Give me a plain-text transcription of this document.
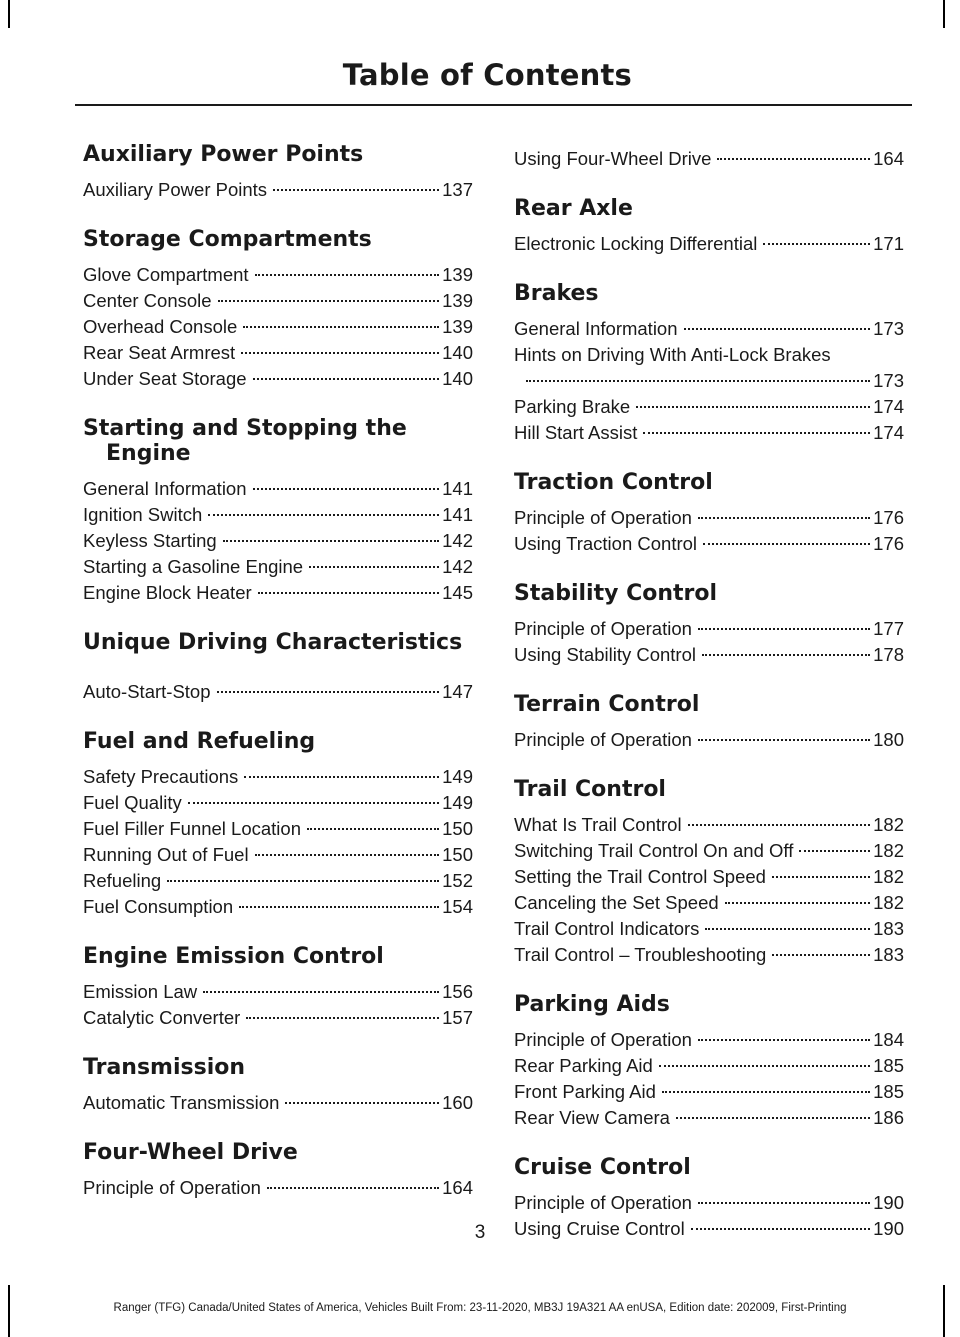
Table of Contents
Auxiliary Power Points
Auxiliary Power Points	137
Storage Compartments
Glove Compartment	139
Center Console	139
Overhead Console	139
Rear Seat Armrest	140
Under Seat Storage	140
Starting and Stopping the Engine
General Information	141
Ignition Switch	141
Keyless Starting	142
Starting a Gasoline Engine	142
Engine Block Heater	145
Unique Driving Characteristics
Auto-Start-Stop	147
Fuel and Refueling
Safety Precautions	149
Fuel Quality	149
Fuel Filler Funnel Location	150
Running Out of Fuel	150
Refueling	152
Fuel Consumption	154
Engine Emission Control
Emission Law	156
Catalytic Converter	157
Transmission
Automatic Transmission	160
Four-Wheel Drive
Principle of Operation	164
Using Four-Wheel Drive	164
Rear Axle
Electronic Locking Differential	171
Brakes
General Information	173
Hints on Driving With Anti-Lock Brakes
173
Parking Brake	174
Hill Start Assist	174
Traction Control
Principle of Operation	176
Using Traction Control	176
Stability Control
Principle of Operation	177
Using Stability Control	178
Terrain Control
Principle of Operation	180
Trail Control
What Is Trail Control	182
Switching Trail Control On and Off	182
Setting the Trail Control Speed	182
Canceling the Set Speed	182
Trail Control Indicators	183
Trail Control – Troubleshooting	183
Parking Aids
Principle of Operation	184
Rear Parking Aid	185
Front Parking Aid	185
Rear View Camera	186
Cruise Control
Principle of Operation	190
Using Cruise Control	190
3
Ranger (TFG) Canada/United States of America, Vehicles Built From: 23-11-2020, MB3J 19A321 AA enUSA, Edition date: 202009, First-Printing
